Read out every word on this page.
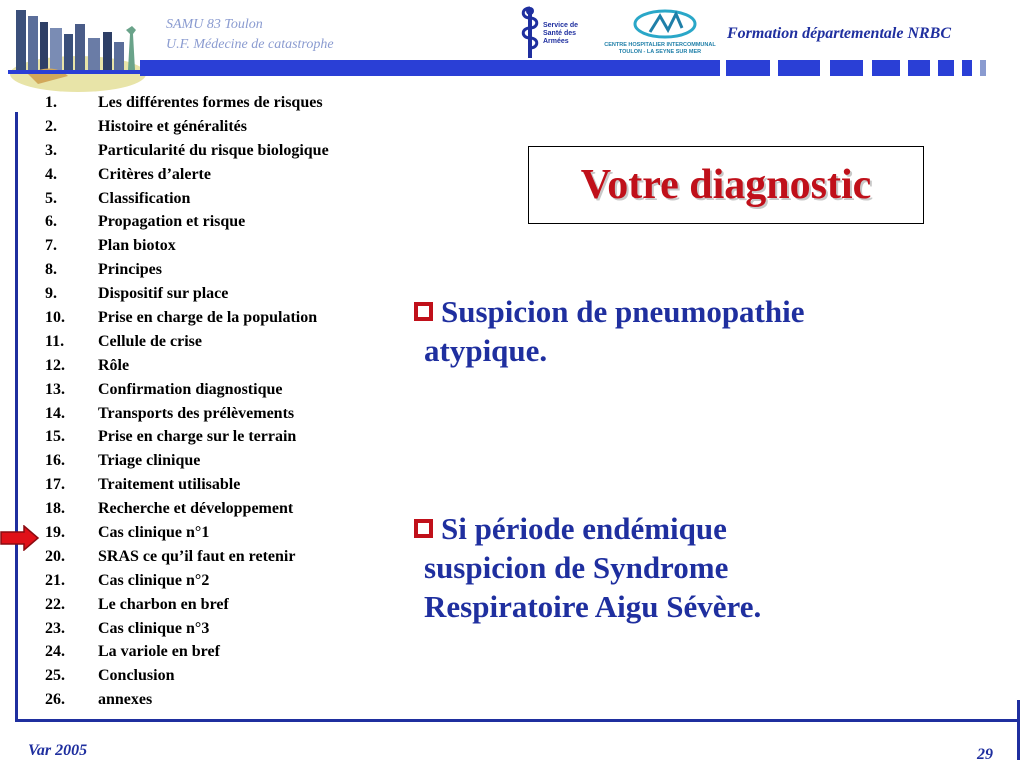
SAMU 83 Toulon
U.F. Médecine de catastrophe
Service de Santé des Armées	CENTRE HOSPITALIER INTERCOMMUNAL TOULON - LA SEYNE SUR MER
Formation départementale NRBC
1.	Les différentes formes de risques
2.	Histoire et généralités
3.	Particularité du risque biologique
4.	Critères d’alerte
5.	Classification
6.	Propagation et risque
7.	Plan biotox
8.	Principes
9.	Dispositif sur place
10.	Prise en charge de la population
11.	Cellule de crise
12.	Rôle
13.	Confirmation diagnostique
14.	Transports des prélèvements
15.	Prise en charge sur le terrain
16.	Triage clinique
17.	Traitement utilisable
18.	Recherche et développement
19.	Cas clinique n°1
20.	SRAS ce qu’il faut en retenir
21.	Cas clinique n°2
22.	Le charbon en bref
23.	Cas clinique n°3
24.	La variole en bref
25.	Conclusion
26.	annexes
Votre diagnostic
Suspicion de pneumopathie
atypique.
Si période endémique
suspicion de Syndrome
Respiratoire Aigu Sévère.
Var 2005	29
